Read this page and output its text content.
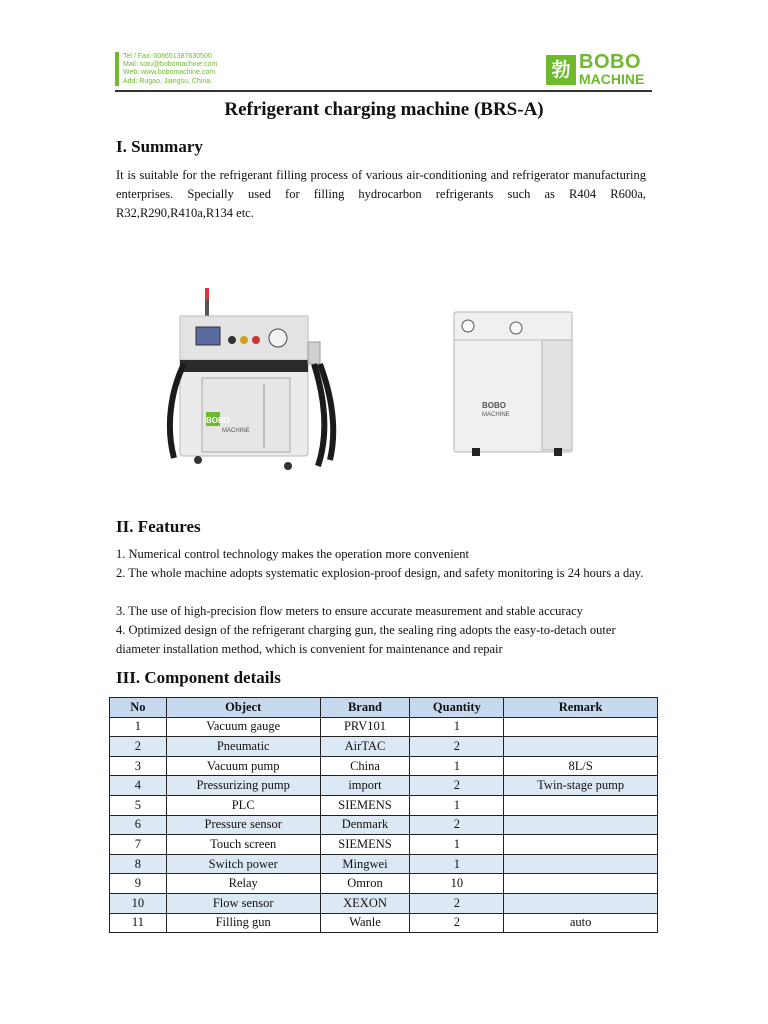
Tel / Fax: 008651387630500
Mail: sotu@bobomachine.com
Web: www.bobomachine.com
Add: Rugao, Jiangsu, China.
勃 BOBO
MACHINE
Refrigerant charging machine (BRS-A)
I. Summary
It is suitable for the refrigerant filling process of various air-conditioning and refrigerator manufacturing enterprises. Specially used for filling hydrocarbon refrigerants such as R404 R600a, R32,R290,R410a,R134 etc.
BOBO
MACHINE
BOBO
MACHINE
II. Features
1. Numerical control technology makes the operation more convenient
2. The whole machine adopts systematic explosion-proof design, and safety monitoring is 24 hours a day.
3. The use of high-precision flow meters to ensure accurate measurement and stable accuracy
4. Optimized design of the refrigerant charging gun, the sealing ring adopts the easy-to-detach outer diameter installation method, which is convenient for maintenance and repair
III. Component details
No	Object	Brand	Quantity	Remark
1	Vacuum gauge	PRV101	1	
2	Pneumatic	AirTAC	2	
3	Vacuum pump	China	1	8L/S
4	Pressurizing pump	import	2	Twin-stage pump
5	PLC	SIEMENS	1	
6	Pressure sensor	Denmark	2	
7	Touch screen	SIEMENS	1	
8	Switch power	Mingwei	1	
9	Relay	Omron	10	
10	Flow sensor	XEXON	2	
11	Filling gun	Wanle	2	auto
